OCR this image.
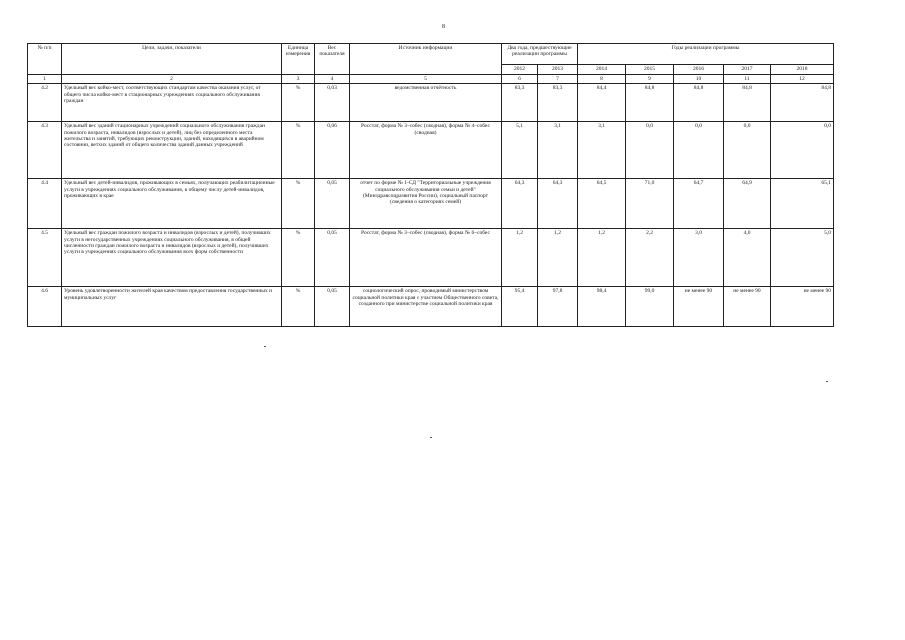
8
№ п/п	Цели, задачи, показатели	Единица измерения	Вес показателя	Источник информации	Два года, предшествующие реализации программы		Годы реализации программы				
					2012	2013	2014	2015	2016	2017	2018
1	2	3	4	5	6	7	8	9	10	11	12
4.2	Удельный вес койко-мест, соответствующих стандартам качества оказания услуг, от общего числа койко-мест в стационарных учреждениях социального обслуживания граждан	%	0,03	ведомственная отчётность	83,3	83,3	84,4	84,8	84,8	84,8	84,8
4.3	Удельный вес зданий стационарных учреждений социального обслуживания граждан пожилого возраста, инвалидов (взрослых и детей), лиц без определенного места жительства и занятий, требующих реконструкции, зданий, находящихся в аварийном состоянии, ветхих зданий от общего количества зданий данных учреждений	%	0,06	Росстат, форма № 3–собес (сводная), форма № 4–собес (сводная)	5,1	3,1	3,1	0,0	0,0	0,0	0,0
4.4	Удельный вес детей-инвалидов, проживающих в семьях, получающих реабилитационные услуги в учреждениях социального обслуживания, к общему числу детей-инвалидов, проживающих в крае	%	0,05	отчет по форме № 1-СД "Территориальные учреждения социального обслуживания семьи и детей" (Минздравсоцразвития России), социальный паспорт (сведения о категориях семей)	64,3	64,3	64,5	71,0	64,7	64,9	65,1
4.5	Удельный вес граждан пожилого возраста и инвалидов (взрослых и детей), получивших услуги в негосударственных учреждениях социального обслуживания, в общей численности граждан пожилого возраста и инвалидов (взрослых и детей), получивших услуги в учреждениях социального обслуживания всех форм собственности	%	0,05	Росстат, форма № 3–собес (сводная), форма № 6–собес	1,2	1,2	1,2	2,2	3,0	4,0	5,0
4.6	Уровень удовлетворенности жителей края качеством предоставления государственных и муниципальных услуг	%	0,05	социологический опрос, проводимый министерством социальной политики края с участием Общественного совета, созданного при министерстве социальной политики края	95,4	97,8	98,4	99,0	не менее 90	не менее 90	не менее 90
